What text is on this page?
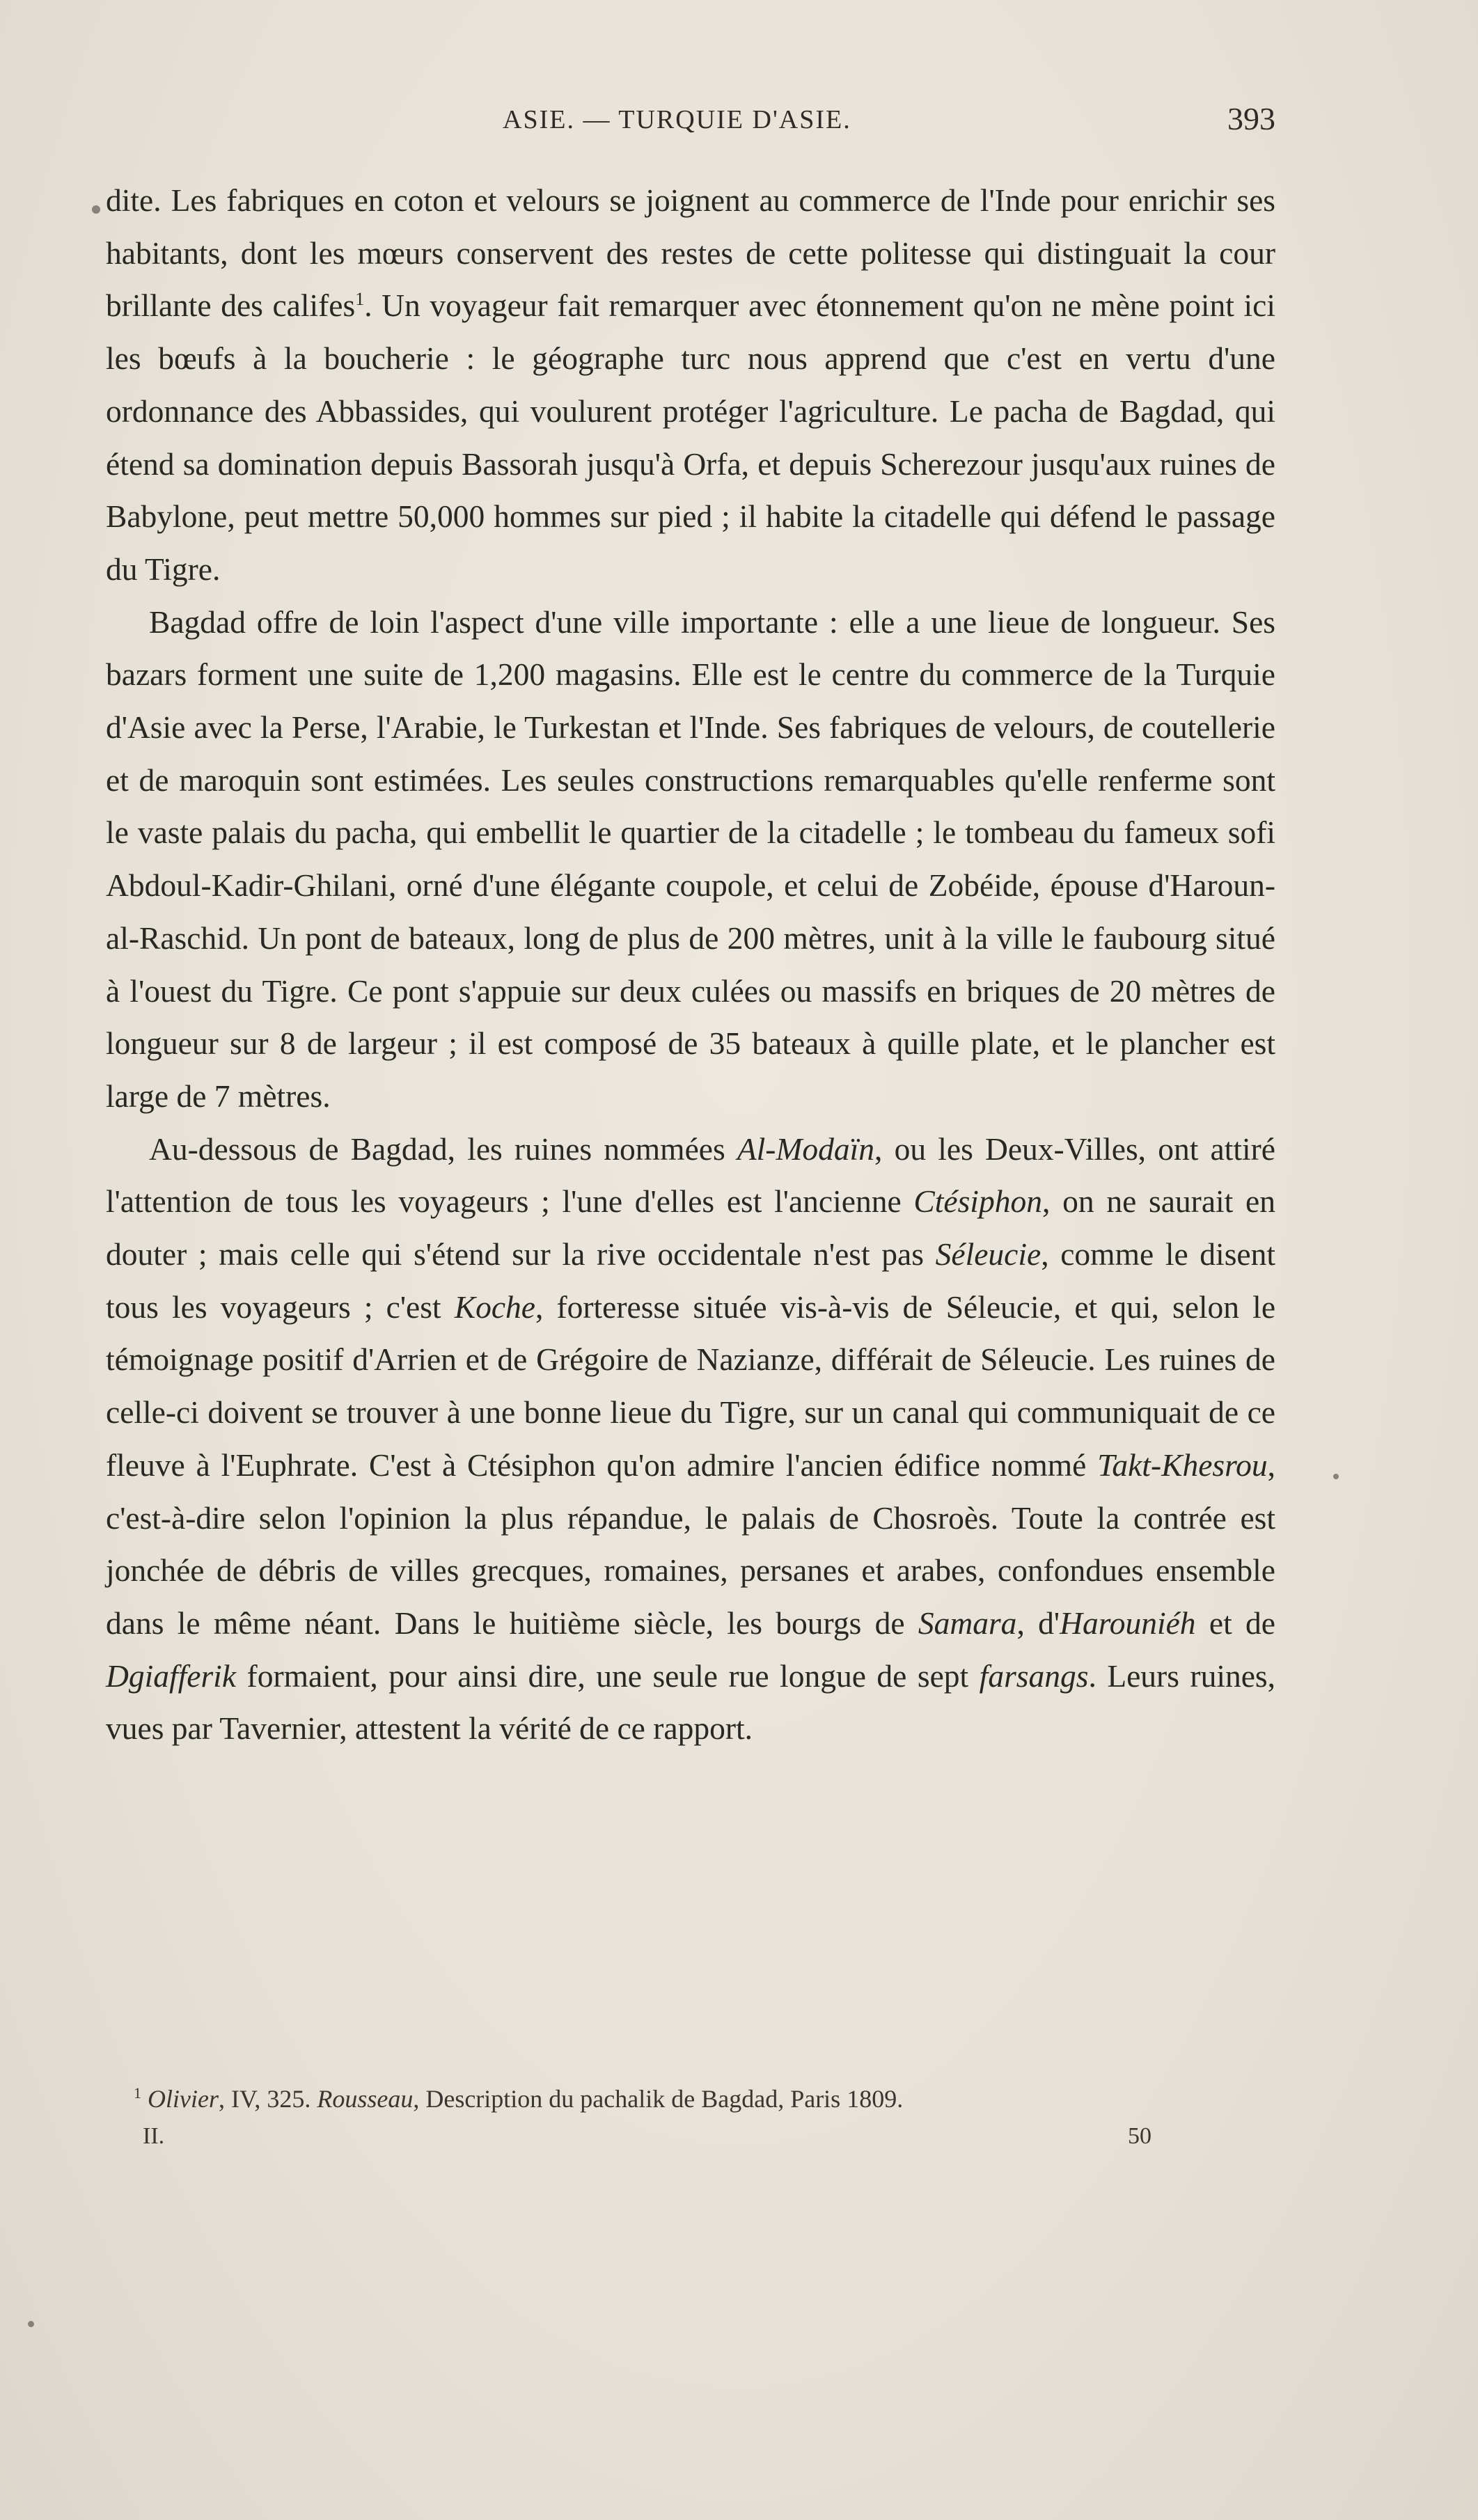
ASIE. — TURQUIE D'ASIE.	393

dite. Les fabriques en coton et velours se joignent au commerce de l'Inde pour enrichir ses habitants, dont les mœurs conservent des restes de cette politesse qui distinguait la cour brillante des califes$^1$. Un voyageur fait remarquer avec étonnement qu'on ne mène point ici les bœufs à la boucherie : le géographe turc nous apprend que c'est en vertu d'une ordonnance des Abbassides, qui voulurent protéger l'agriculture. Le pacha de Bagdad, qui étend sa domination depuis Bassorah jusqu'à Orfa, et depuis Scherezour jusqu'aux ruines de Babylone, peut mettre 50,000 hommes sur pied ; il habite la citadelle qui défend le passage du Tigre.

Bagdad offre de loin l'aspect d'une ville importante : elle a une lieue de longueur. Ses bazars forment une suite de 1,200 magasins. Elle est le centre du commerce de la Turquie d'Asie avec la Perse, l'Arabie, le Turkestan et l'Inde. Ses fabriques de velours, de coutellerie et de maroquin sont estimées. Les seules constructions remarquables qu'elle renferme sont le vaste palais du pacha, qui embellit le quartier de la citadelle ; le tombeau du fameux sofi Abdoul-Kadir-Ghilani, orné d'une élégante coupole, et celui de Zobéide, épouse d'Haroun-al-Raschid. Un pont de bateaux, long de plus de 200 mètres, unit à la ville le faubourg situé à l'ouest du Tigre. Ce pont s'appuie sur deux culées ou massifs en briques de 20 mètres de longueur sur 8 de largeur ; il est composé de 35 bateaux à quille plate, et le plancher est large de 7 mètres.

Au-dessous de Bagdad, les ruines nommées Al-Modaïn, ou les Deux-Villes, ont attiré l'attention de tous les voyageurs ; l'une d'elles est l'ancienne Ctésiphon, on ne saurait en douter ; mais celle qui s'étend sur la rive occidentale n'est pas Séleucie, comme le disent tous les voyageurs ; c'est Koche, forteresse située vis-à-vis de Séleucie, et qui, selon le témoignage positif d'Arrien et de Grégoire de Nazianze, différait de Séleucie. Les ruines de celle-ci doivent se trouver à une bonne lieue du Tigre, sur un canal qui communiquait de ce fleuve à l'Euphrate. C'est à Ctésiphon qu'on admire l'ancien édifice nommé Takt-Khesrou, c'est-à-dire selon l'opinion la plus répandue, le palais de Chosroès. Toute la contrée est jonchée de débris de villes grecques, romaines, persanes et arabes, confondues ensemble dans le même néant. Dans le huitième siècle, les bourgs de Samara, d'Harouniéh et de Dgiafferik formaient, pour ainsi dire, une seule rue longue de sept farsangs. Leurs ruines, vues par Tavernier, attestent la vérité de ce rapport.

$^1$ Olivier, IV, 325. Rousseau, Description du pachalik de Bagdad, Paris 1809.
II.	50
